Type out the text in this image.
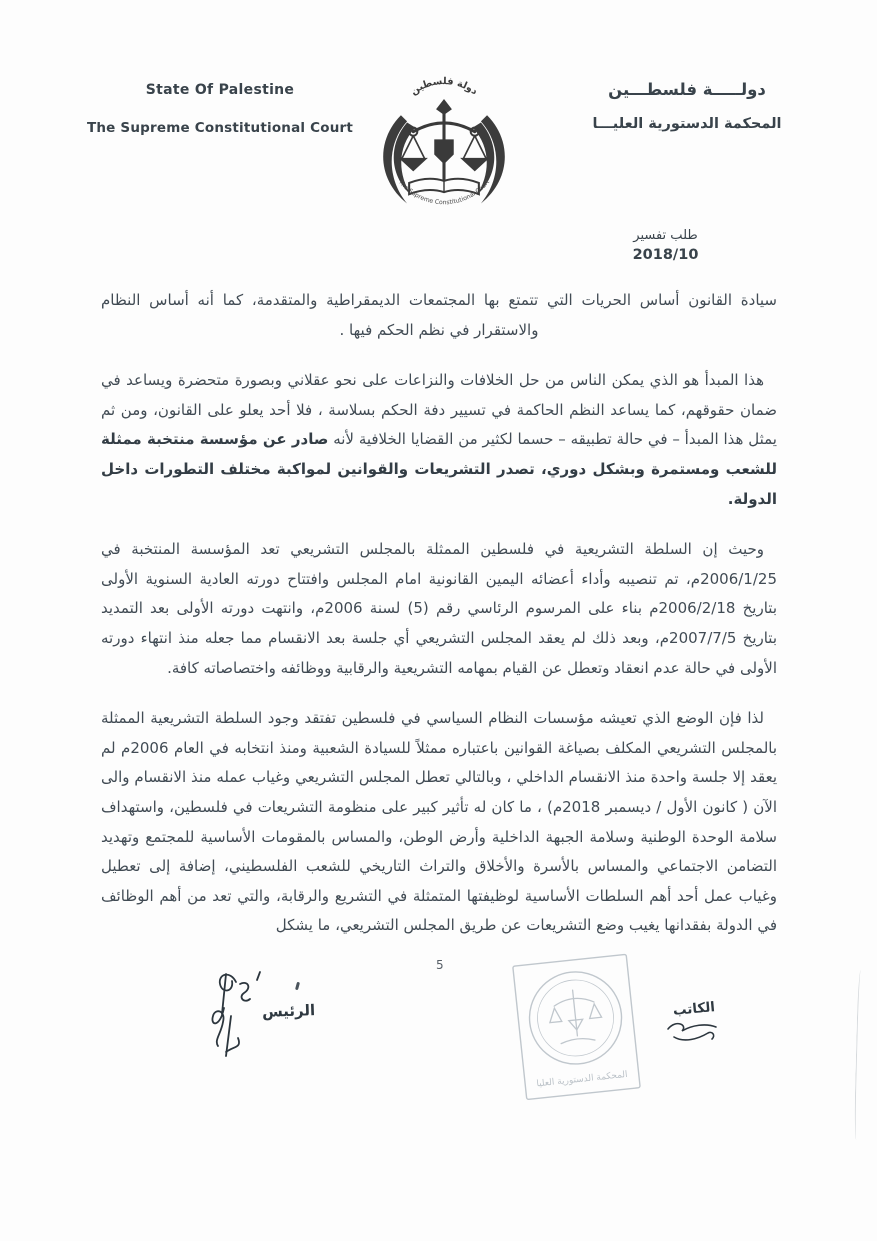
State Of Palestine
The Supreme Constitutional Court
دولة فلسطين
The Supreme Constitutional Court
دولـــــة فلسطـــين
المحكمة الدستورية العليـــا
طلب تفسير
2018/10

سيادة القانون أساس الحريات التي تتمتع بها المجتمعات الديمقراطية والمتقدمة، كما أنه أساس النظام والاستقرار في نظم الحكم فيها .

هذا المبدأ هو الذي يمكن الناس من حل الخلافات والنزاعات على نحو عقلاني وبصورة متحضرة ويساعد في ضمان حقوقهم، كما يساعد النظم الحاكمة في تسيير دفة الحكم بسلاسة ، فلا أحد يعلو على القانون، ومن ثم يمثل هذا المبدأ – في حالة تطبيقه – حسما لكثير من القضايا الخلافية لأنه صادر عن مؤسسة منتخبة ممثلة للشعب ومستمرة وبشكل دوري، تصدر التشريعات والقوانين لمواكبة مختلف التطورات داخل الدولة.

وحيث إن السلطة التشريعية في فلسطين الممثلة بالمجلس التشريعي تعد المؤسسة المنتخبة في 2006/1/25م، تم تنصيبه وأداء أعضائه اليمين القانونية امام المجلس وافتتاح دورته العادية السنوية الأولى بتاريخ 2006/2/18م بناء على المرسوم الرئاسي رقم (5) لسنة 2006م، وانتهت دورته الأولى بعد التمديد بتاريخ 2007/7/5م، وبعد ذلك لم يعقد المجلس التشريعي أي جلسة بعد الانقسام مما جعله منذ انتهاء دورته الأولى في حالة عدم انعقاد وتعطل عن القيام بمهامه التشريعية والرقابية ووظائفه واختصاصاته كافة.

لذا فإن الوضع الذي تعيشه مؤسسات النظام السياسي في فلسطين تفتقد وجود السلطة التشريعية الممثلة بالمجلس التشريعي المكلف بصياغة القوانين باعتباره ممثلاً للسيادة الشعبية ومنذ انتخابه في العام 2006م لم يعقد إلا جلسة واحدة منذ الانقسام الداخلي ، وبالتالي تعطل المجلس التشريعي وغياب عمله منذ الانقسام والى الآن ( كانون الأول / ديسمبر 2018م) ، ما كان له تأثير كبير على منظومة التشريعات في فلسطين، واستهداف سلامة الوحدة الوطنية وسلامة الجبهة الداخلية وأرض الوطن، والمساس بالمقومات الأساسية للمجتمع وتهديد التضامن الاجتماعي والمساس بالأسرة والأخلاق والتراث التاريخي للشعب الفلسطيني، إضافة إلى تعطيل وغياب عمل أحد أهم السلطات الأساسية لوظيفتها المتمثلة في التشريع والرقابة، والتي تعد من أهم الوظائف في الدولة بفقدانها يغيب وضع التشريعات عن طريق المجلس التشريعي، ما يشكل

5
الرئيس
المحكمة الدستورية العليا
الكاتب
